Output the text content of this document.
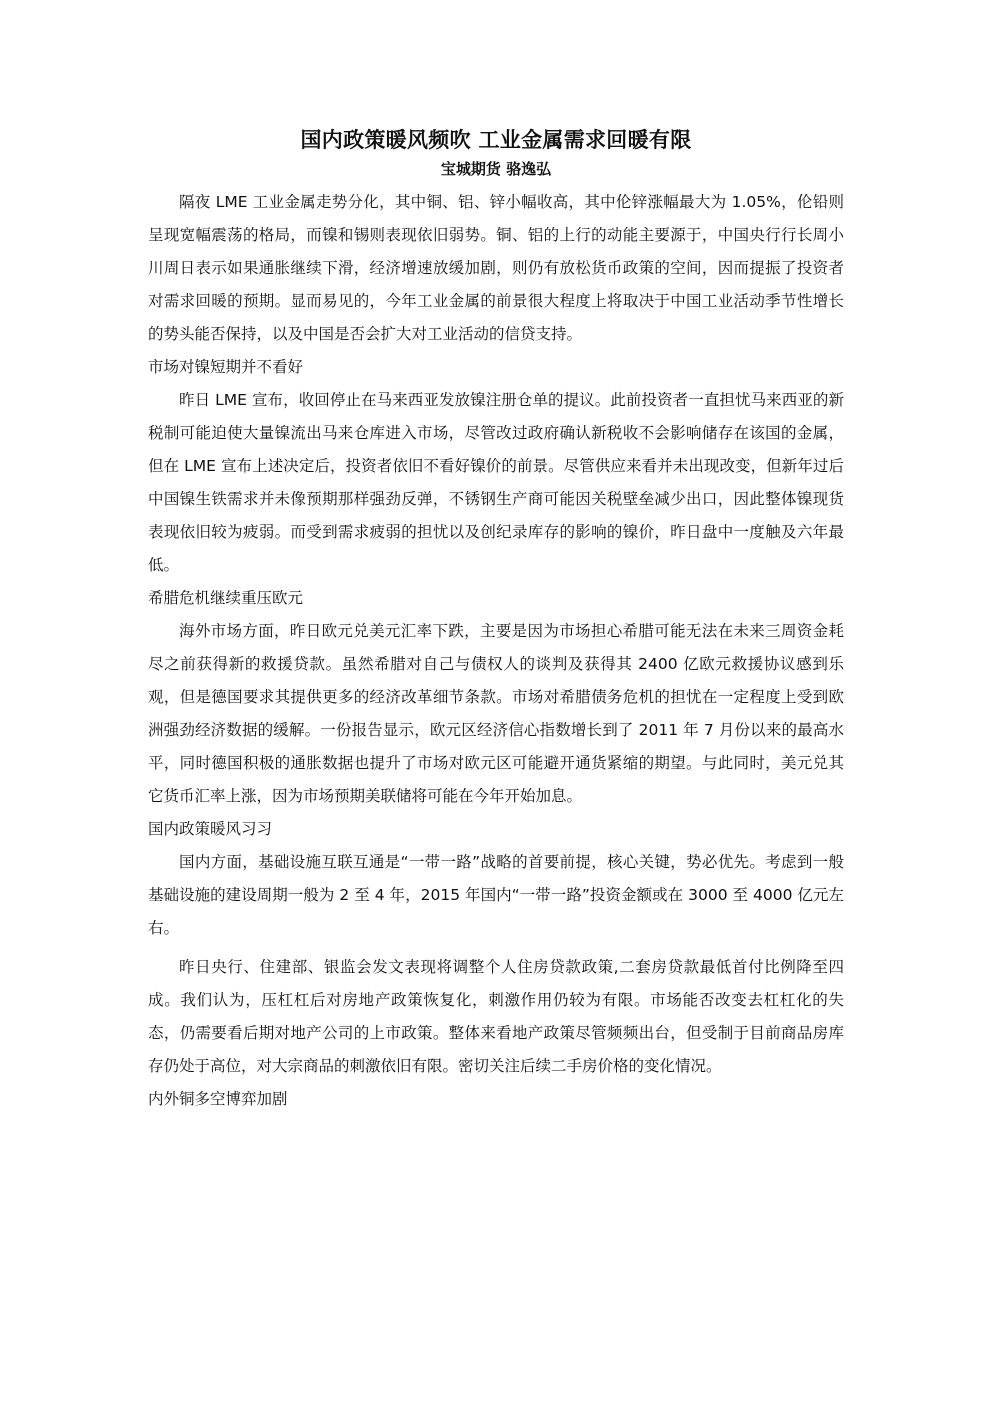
国内政策暖风频吹 工业金属需求回暖有限
宝城期货 骆逸弘

隔夜 LME 工业金属走势分化，其中铜、铝、锌小幅收高，其中伦锌涨幅最大为 1.05%，伦铅则呈现宽幅震荡的格局，而镍和锡则表现依旧弱势。铜、铝的上行的动能主要源于，中国央行行长周小川周日表示如果通胀继续下滑，经济增速放缓加剧，则仍有放松货币政策的空间，因而提振了投资者对需求回暖的预期。显而易见的，今年工业金属的前景很大程度上将取决于中国工业活动季节性增长的势头能否保持，以及中国是否会扩大对工业活动的信贷支持。

市场对镍短期并不看好

昨日 LME 宣布，收回停止在马来西亚发放镍注册仓单的提议。此前投资者一直担忧马来西亚的新税制可能迫使大量镍流出马来仓库进入市场，尽管改过政府确认新税收不会影响储存在该国的金属，但在 LME 宣布上述决定后，投资者依旧不看好镍价的前景。尽管供应来看并未出现改变，但新年过后中国镍生铁需求并未像预期那样强劲反弹，不锈钢生产商可能因关税壁垒减少出口，因此整体镍现货表现依旧较为疲弱。而受到需求疲弱的担忧以及创纪录库存的影响的镍价，昨日盘中一度触及六年最低。

希腊危机继续重压欧元

海外市场方面，昨日欧元兑美元汇率下跌，主要是因为市场担心希腊可能无法在未来三周资金耗尽之前获得新的救援贷款。虽然希腊对自己与债权人的谈判及获得其 2400 亿欧元救援协议感到乐观，但是德国要求其提供更多的经济改革细节条款。市场对希腊债务危机的担忧在一定程度上受到欧洲强劲经济数据的缓解。一份报告显示，欧元区经济信心指数增长到了 2011 年 7 月份以来的最高水平，同时德国积极的通胀数据也提升了市场对欧元区可能避开通货紧缩的期望。与此同时，美元兑其它货币汇率上涨，因为市场预期美联储将可能在今年开始加息。

国内政策暖风习习

国内方面，基础设施互联互通是“一带一路”战略的首要前提，核心关键，势必优先。考虑到一般基础设施的建设周期一般为 2 至 4 年，2015 年国内“一带一路”投资金额或在 3000 至 4000 亿元左右。

昨日央行、住建部、银监会发文表现将调整个人住房贷款政策,二套房贷款最低首付比例降至四成。我们认为，压杠杠后对房地产政策恢复化，刺激作用仍较为有限。市场能否改变去杠杠化的失态，仍需要看后期对地产公司的上市政策。整体来看地产政策尽管频频出台，但受制于目前商品房库存仍处于高位，对大宗商品的刺激依旧有限。密切关注后续二手房价格的变化情况。

内外铜多空博弈加剧
